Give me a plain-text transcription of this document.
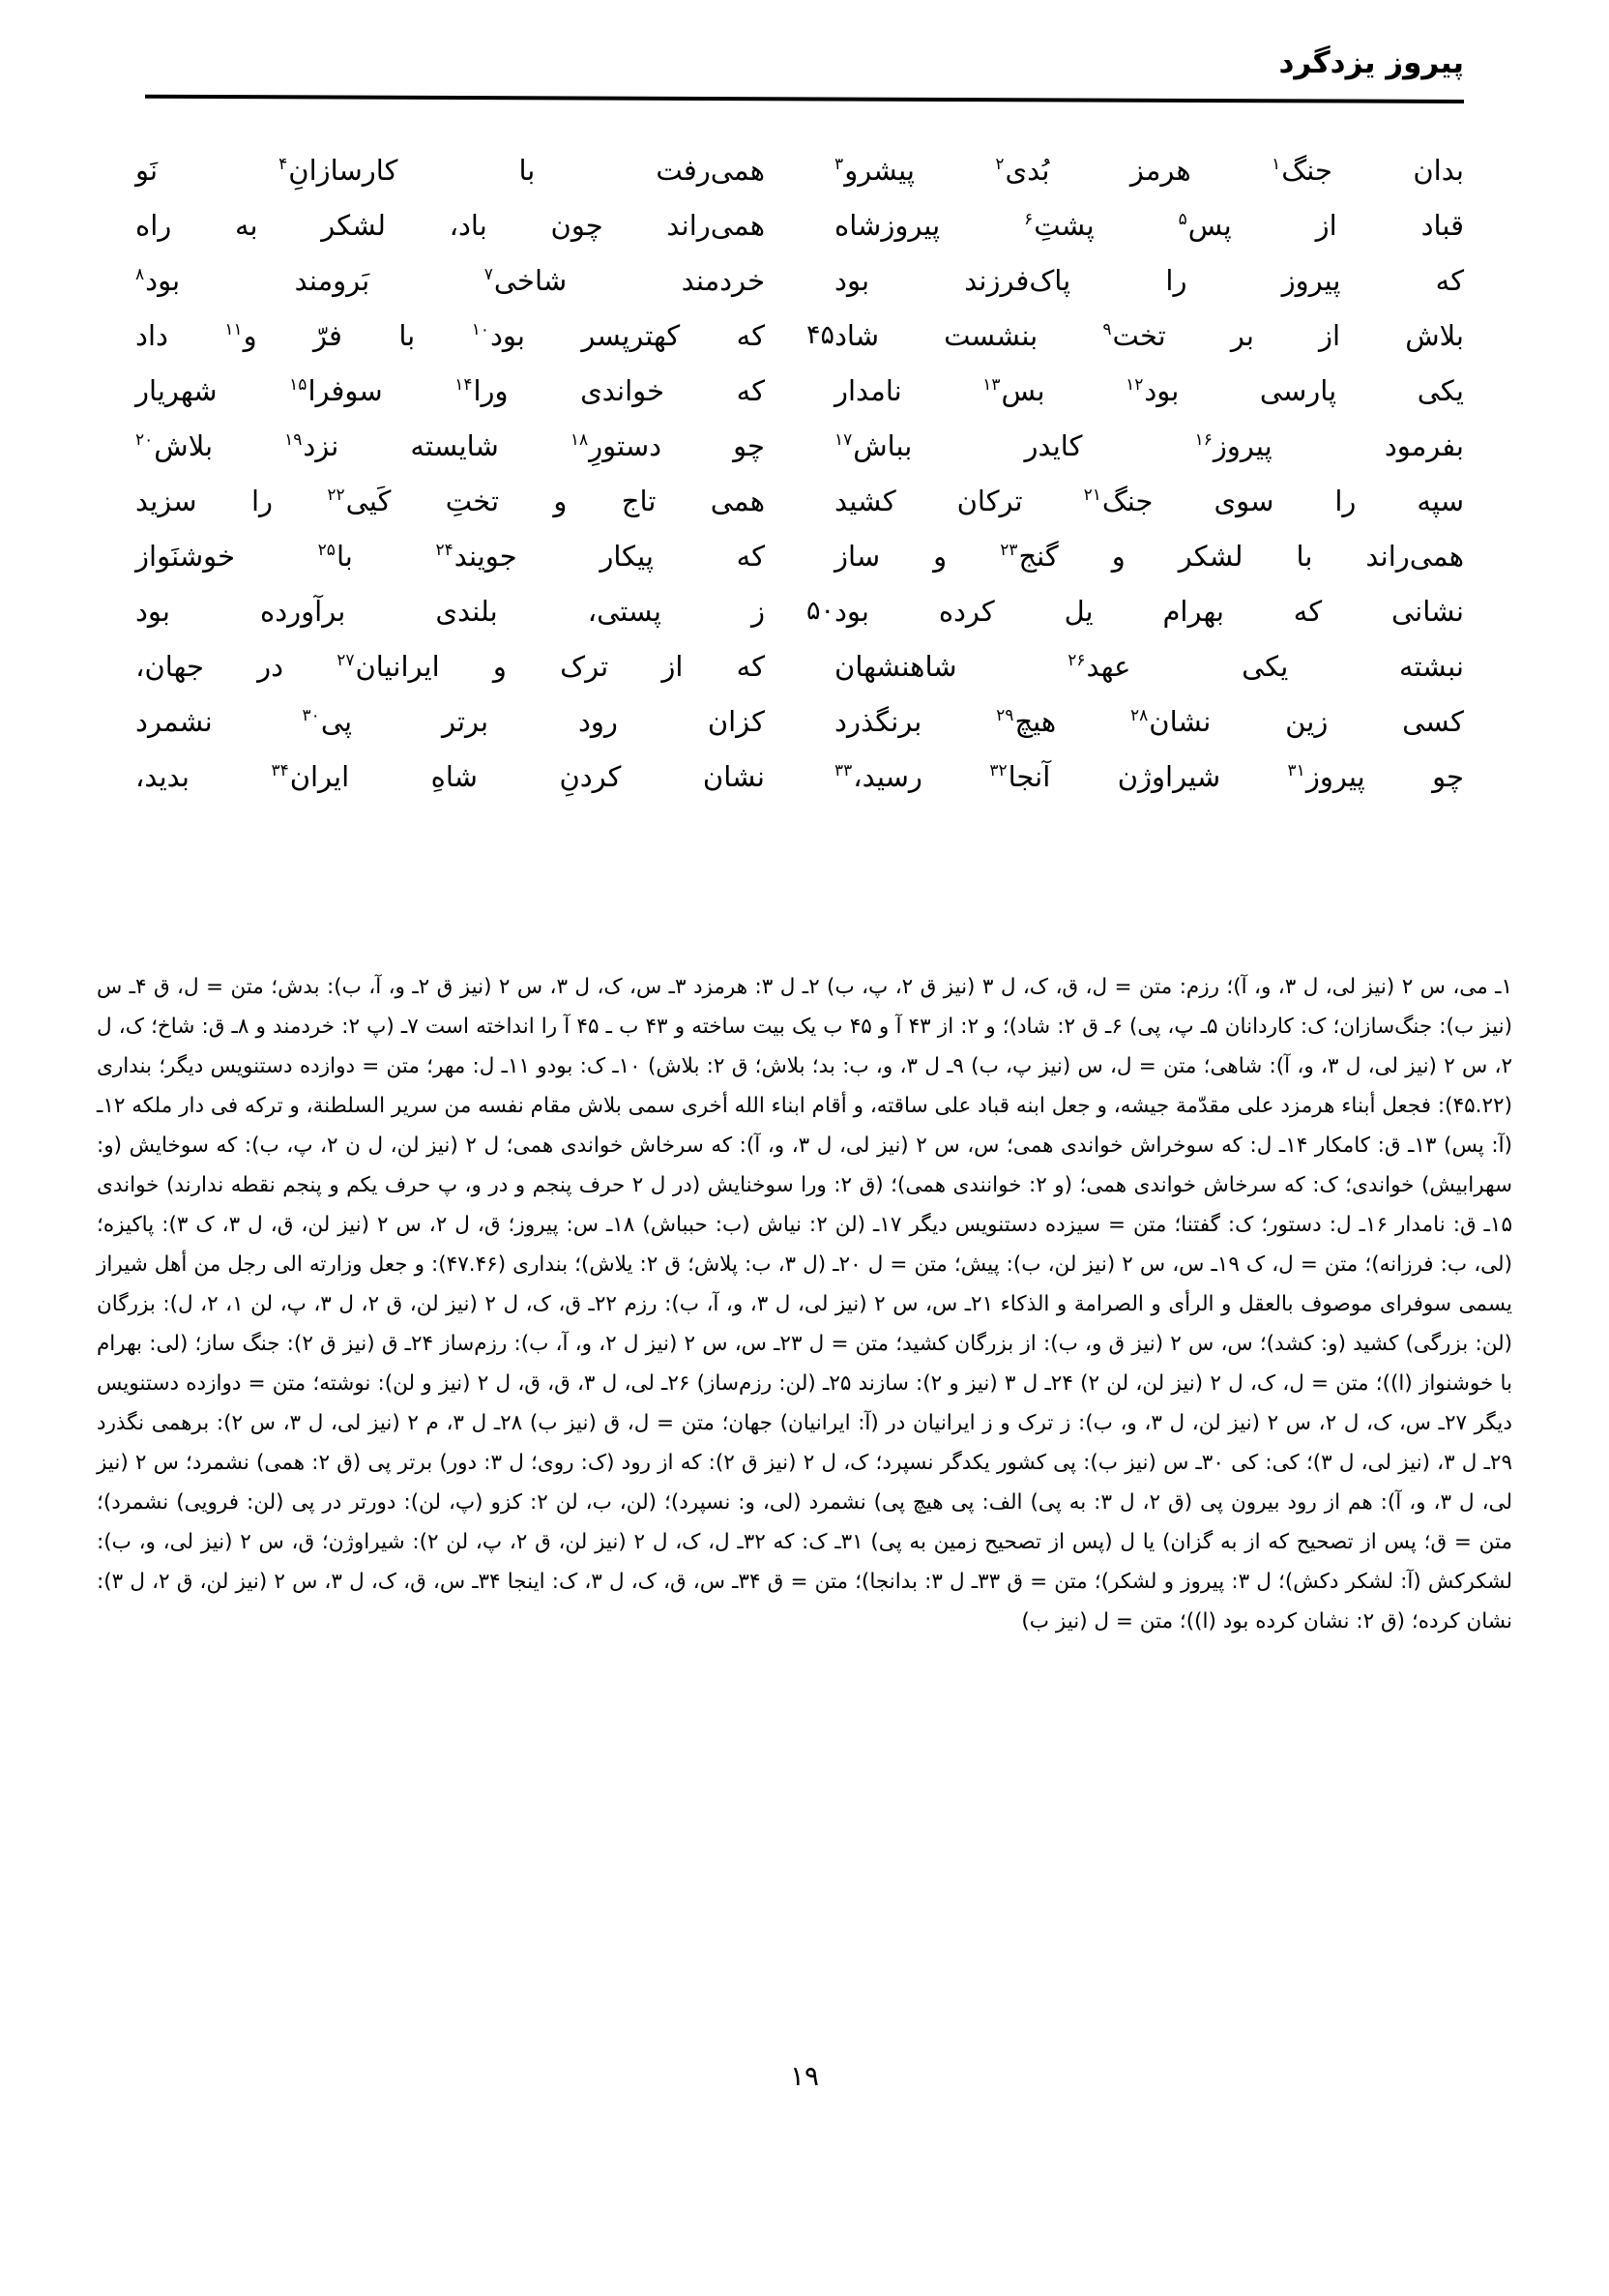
پیروز یزدگرد
بدان
جنگ$^۱$
هرمز
بُدی$^۲$
پیشرو$^۳$
همی‌رفت
با
کارسازانِ$^۴$
نَو
قباد
از
پس$^۵$
پشتِ$^۶$
پیروزشاه
همی‌راند
چون
باد،
لشکر
به
راه
که
پیروز
را
پاک‌فرزند
بود
خردمند
شاخی$^۷$
بَرومند
بود$^۸$
بلاش
از
بر
تخت$^۹$
بنشست
شاد
۴۵
که
کهترپسر
بود$^{۱۰}$
با
فرّ
و$^{۱۱}$
داد
یکی
پارسی
بود$^{۱۲}$
بس$^{۱۳}$
نامدار
که
خواندی
ورا$^{۱۴}$
سوفرا$^{۱۵}$
شهریار
بفرمود
پیروز$^{۱۶}$
کایدر
بباش$^{۱۷}$
چو
دستورِ$^{۱۸}$
شایسته
نزد$^{۱۹}$
بلاش$^{۲۰}$
سپه
را
سوی
جنگ$^{۲۱}$
ترکان
کشید
همی
تاج
و
تختِ
کَیی$^{۲۲}$
را
سزید
همی‌راند
با
لشکر
و
گنج$^{۲۳}$
و
ساز
که
پیکار
جویند$^{۲۴}$
با$^{۲۵}$
خوشنَواز
نشانی
که
بهرام
یل
کرده
بود
۵۰
ز
پستی،
بلندی
برآورده
بود
نبشته
یکی
عهد$^{۲۶}$
شاهنشهان
که
از
ترک
و
ایرانیان$^{۲۷}$
در
جهان،
کسی
زین
نشان$^{۲۸}$
هیچ$^{۲۹}$
برنگذرد
کزان
رود
برتر
پی$^{۳۰}$
نشمرد
چو
پیروز$^{۳۱}$
شیراوژن
آنجا$^{۳۲}$
رسید،$^{۳۳}$
نشان
کردنِ
شاهِ
ایران$^{۳۴}$
بدید،

۱ـ می، س ۲ (نیز لی، ل ۳، و، آ)؛ رزم: متن = ل، ق، ک، ل ۳ (نیز ق ۲، پ، ب) ۲ـ ل ۳: هرمزد ۳ـ س، ک، ل ۳، س ۲ (نیز ق ۲ـ و، آ، ب): بدش؛ متن = ل، ق ۴ـ س (نیز ب): جنگ‌سازان؛ ک: کاردانان ۵ـ پ، پی) ۶ـ ق ۲: شاد)؛ و ۲: از ۴۳ آ و ۴۵ ب یک بیت ساخته و ۴۳ ب ـ ۴۵ آ را انداخته است ۷ـ (پ ۲: خردمند و ۸ـ ق: شاخ؛ ک، ل ۲، س ۲ (نیز لی، ل ۳، و، آ): شاهی؛ متن = ل، س (نیز پ، ب) ۹ـ ل ۳، و، ب: بد؛ بلاش؛ ق ۲: بلاش) ۱۰ـ ک: بودو ۱۱ـ ل: مهر؛ متن = دوازده دستنویس دیگر؛ بنداری (۴۵.۲۲): فجعل أبناء هرمزد علی مقدّمة جیشه، و جعل ابنه قباد علی ساقته، و أقام ابناء الله أخری سمی بلاش مقام نفسه من سریر السلطنة، و ترکه فی دار ملکه ۱۲ـ (آ: پس) ۱۳ـ ق: کامکار ۱۴ـ ل: که سوخراش خواندی همی؛ س، س ۲ (نیز لی، ل ۳، و، آ): که سرخاش خواندی همی؛ ل ۲ (نیز لن، ل ن ۲، پ، ب): که سوخایش (و: سهرابیش) خواندی؛ ک: که سرخاش خواندی همی؛ (و ۲: خوانندی همی)؛ (ق ۲: ورا سوخنایش (در ل ۲ حرف پنجم و در و، پ حرف یکم و پنجم نقطه ندارند) خواندی ۱۵ـ ق: نامدار ۱۶ـ ل: دستور؛ ک: گفتنا؛ متن = سیزده دستنویس دیگر ۱۷ـ (لن ۲: نیاش (ب: حبباش) ۱۸ـ س: پیروز؛ ق، ل ۲، س ۲ (نیز لن، ق، ل ۳، ک ۳): پاکیزه؛ (لی، ب: فرزانه)؛ متن = ل، ک ۱۹ـ س، س ۲ (نیز لن، ب): پیش؛ متن = ل ۲۰ـ (ل ۳، ب: پلاش؛ ق ۲: یلاش)؛ بنداری (۴۷.۴۶): و جعل وزارته الی رجل من أهل شیراز یسمی سوفرای موصوف بالعقل و الرأی و الصرامة و الذکاء ۲۱ـ س، س ۲ (نیز لی، ل ۳، و، آ، ب): رزم ۲۲ـ ق، ک، ل ۲ (نیز لن، ق ۲، ل ۳، پ، لن ۱، ۲، ل): بزرگان (لن: بزرگی) کشید (و: کشد)؛ س، س ۲ (نیز ق و، ب): از بزرگان کشید؛ متن = ل ۲۳ـ س، س ۲ (نیز ل ۲، و، آ، ب): رزم‌ساز ۲۴ـ ق (نیز ق ۲): جنگ ساز؛ (لی: بهرام با خوشنواز (ا))؛ متن = ل، ک، ل ۲ (نیز لن، لن ۲) ۲۴ـ ل ۳ (نیز و ۲): سازند ۲۵ـ (لن: رزم‌ساز) ۲۶ـ لی، ل ۳، ق، ق، ل ۲ (نیز و لن): نوشته؛ متن = دوازده دستنویس دیگر ۲۷ـ س، ک، ل ۲، س ۲ (نیز لن، ل ۳، و، ب): ز ترک و ز ایرانیان در (آ: ایرانیان) جهان؛ متن = ل، ق (نیز ب) ۲۸ـ ل ۳، م ۲ (نیز لی، ل ۳، س ۲): برهمی نگذرد ۲۹ـ ل ۳، (نیز لی، ل ۳)؛ کی: کی ۳۰ـ س (نیز ب): پی کشور یکدگر نسپرد؛ ک، ل ۲ (نیز ق ۲): که از رود (ک: روی؛ ل ۳: دور) برتر پی (ق ۲: همی) نشمرد؛ س ۲ (نیز لی، ل ۳، و، آ): هم از رود بیرون پی (ق ۲، ل ۳: به پی) الف: پی هیچ پی) نشمرد (لی، و: نسپرد)؛ (لن، ب، لن ۲: کزو (پ، لن): دورتر در پی (لن: فرویی) نشمرد)؛ متن = ق؛ پس از تصحیح که از به گزان) یا ل (پس از تصحیح زمین به پی) ۳۱ـ ک: که ۳۲ـ ل، ک، ل ۲ (نیز لن، ق ۲، پ، لن ۲): شیراوژن؛ ق، س ۲ (نیز لی، و، ب): لشکرکش (آ: لشکر دکش)؛ ل ۳: پیروز و لشکر)؛ متن = ق ۳۳ـ ل ۳: بدانجا)؛ متن = ق ۳۴ـ س، ق، ک، ل ۳، ک: اینجا ۳۴ـ س، ق، ک، ل ۳، س ۲ (نیز لن، ق ۲، ل ۳): نشان کرده؛ (ق ۲: نشان کرده بود (ا))؛ متن = ل (نیز ب)

۱۹
